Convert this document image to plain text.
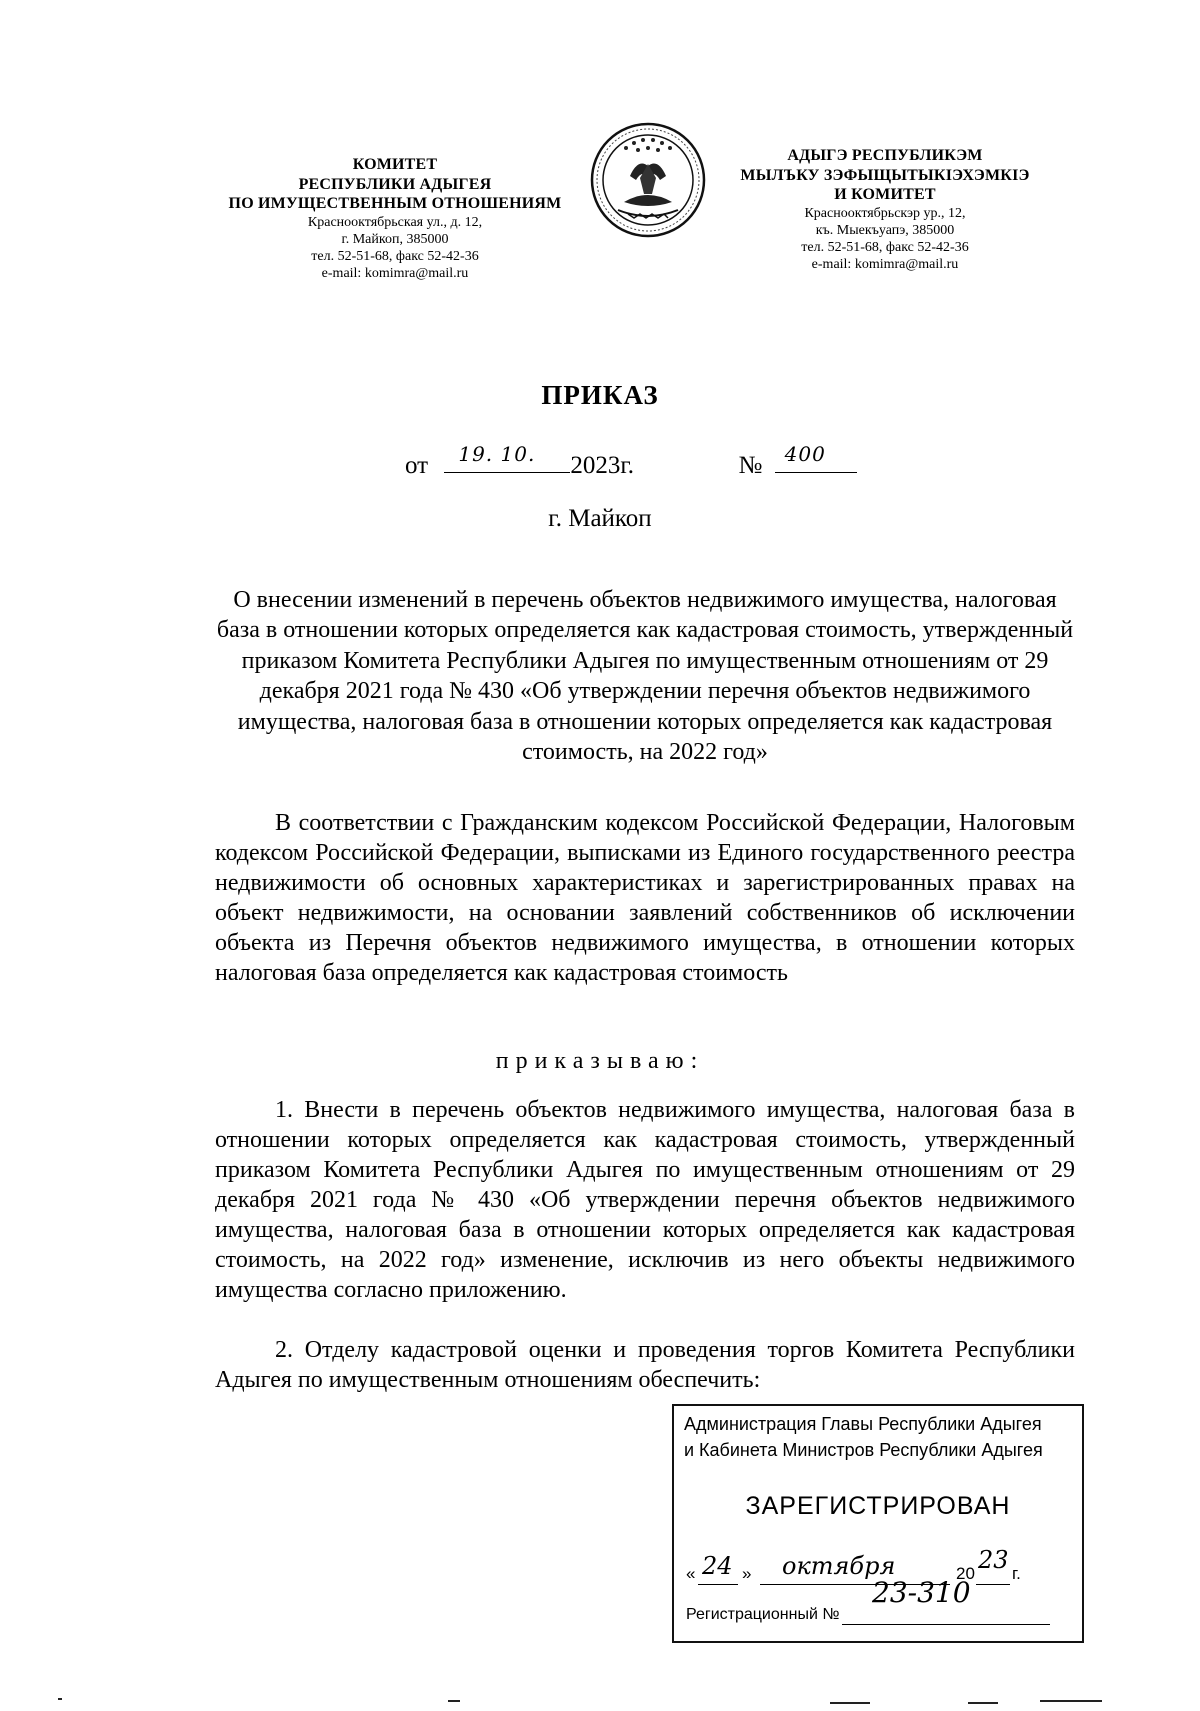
КОМИТЕТ
РЕСПУБЛИКИ АДЫГЕЯ
ПО ИМУЩЕСТВЕННЫМ ОТНОШЕНИЯМ
Краснооктябрьская ул., д. 12,
г. Майкоп, 385000
тел. 52-51-68, факс 52-42-36
e-mail: komimra@mail.ru
АДЫГЭ РЕСПУБЛИКЭМ
МЫЛЪКУ ЗЭФЫЩЫТЫКIЭХЭМКIЭ
И КОМИТЕТ
Краснооктябрьскэр ур., 12,
къ. Мыекъуапэ, 385000
тел. 52-51-68, факс 52-42-36
e-mail: komimra@mail.ru
ПРИКАЗ
от 19. 10. 2023г.	№ 400
г. Майкоп
О внесении изменений в перечень объектов недвижимого имущества, налоговая база в отношении которых определяется как кадастровая стоимость, утвержденный приказом Комитета Республики Адыгея по имущественным отношениям от 29 декабря 2021 года № 430 «Об утверждении перечня объектов недвижимого имущества, налоговая база в отношении которых определяется как кадастровая стоимость, на 2022 год»
В соответствии с Гражданским кодексом Российской Федерации, Налоговым кодексом Российской Федерации, выписками из Единого государственного реестра недвижимости об основных характеристиках и зарегистрированных правах на объект недвижимости, на основании заявлений собственников об исключении объекта из Перечня объектов недвижимого имущества, в отношении которых налоговая база определяется как кадастровая стоимость
приказываю:
1. Внести в перечень объектов недвижимого имущества, налоговая база в отношении которых определяется как кадастровая стоимость, утвержденный приказом Комитета Республики Адыгея по имущественным отношениям от 29 декабря 2021 года № 430 «Об утверждении перечня объектов недвижимого имущества, налоговая база в отношении которых определяется как кадастровая стоимость, на 2022 год» изменение, исключив из него объекты недвижимого имущества согласно приложению.
2. Отделу кадастровой оценки и проведения торгов Комитета Республики Адыгея по имущественным отношениям обеспечить:
Администрация Главы Республики Адыгея
и Кабинета Министров Республики Адыгея
ЗАРЕГИСТРИРОВАН
« 24 » октября	20 23 г.
Регистрационный №
23-310
